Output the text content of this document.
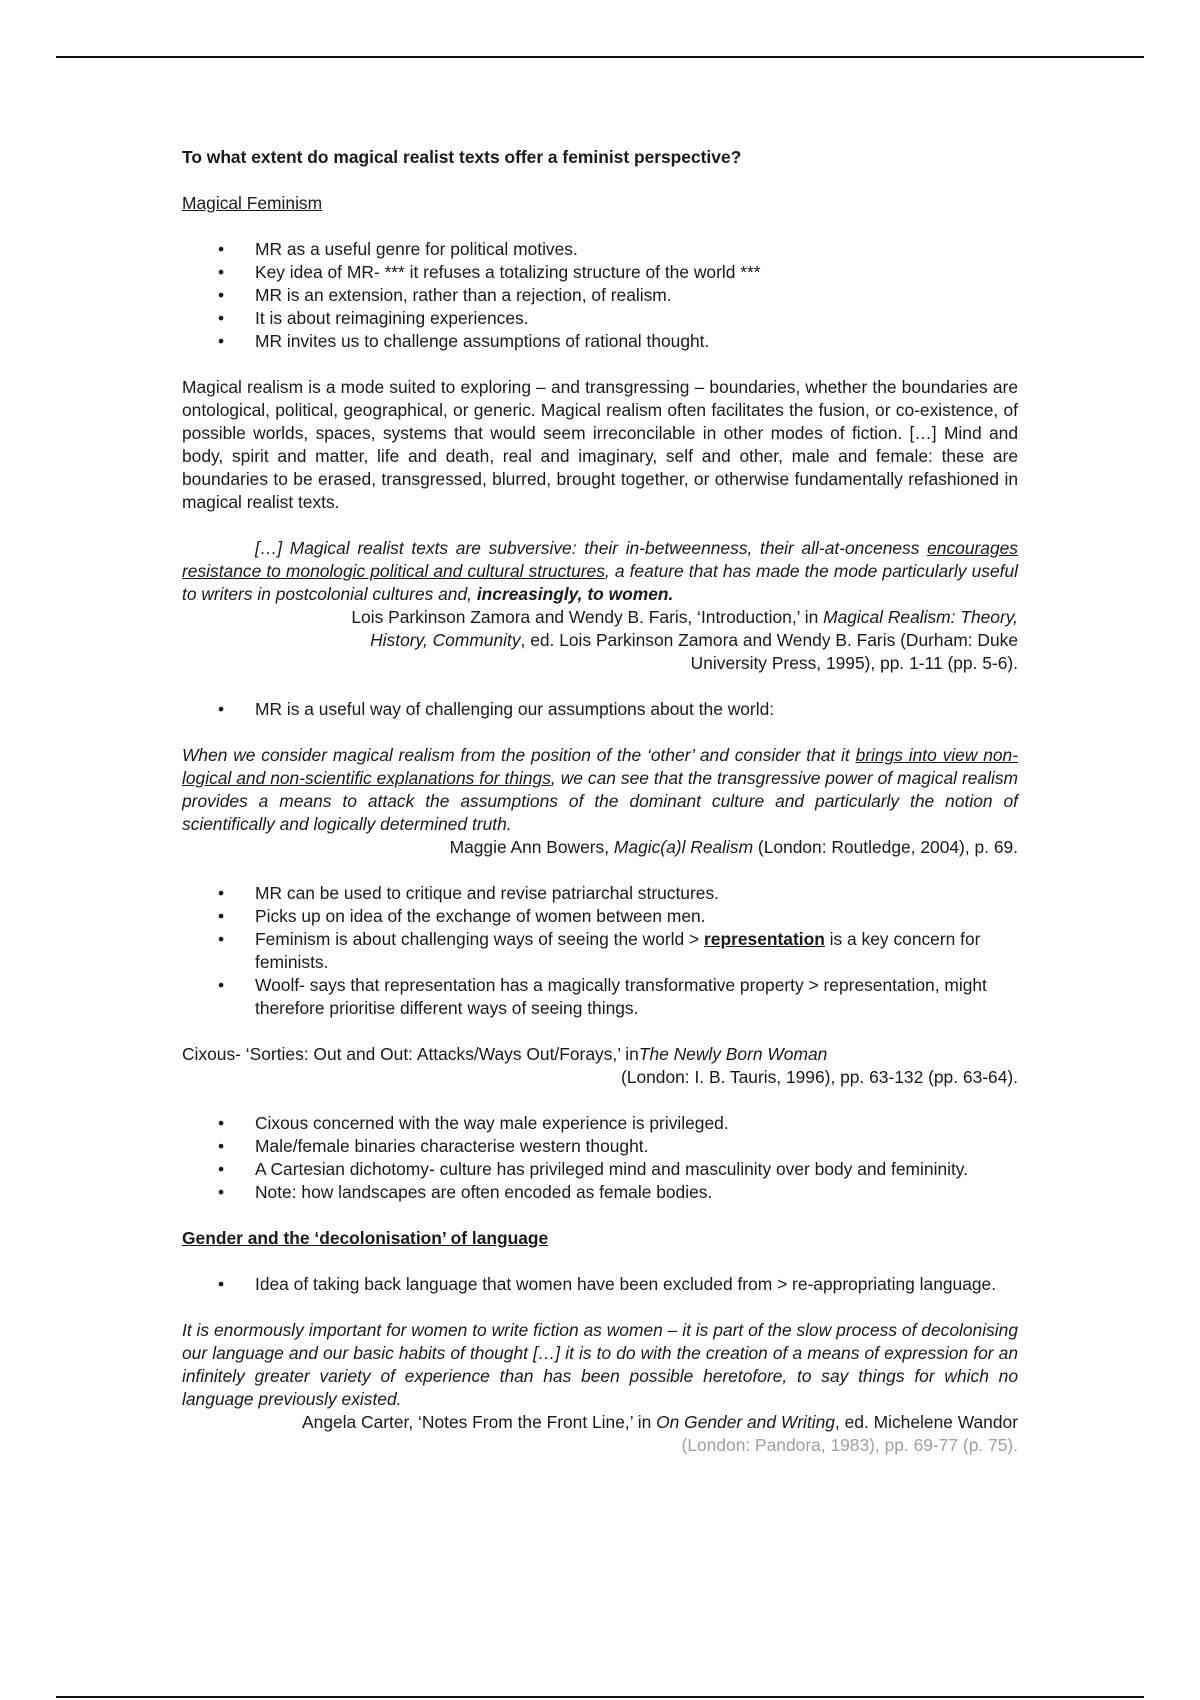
To what extent do magical realist texts offer a feminist perspective?

Magical Feminism

• MR as a useful genre for political motives.
• Key idea of MR- *** it refuses a totalizing structure of the world ***
• MR is an extension, rather than a rejection, of realism.
• It is about reimagining experiences.
• MR invites us to challenge assumptions of rational thought.

Magical realism is a mode suited to exploring – and transgressing – boundaries, whether the boundaries are ontological, political, geographical, or generic. Magical realism often facilitates the fusion, or co-existence, of possible worlds, spaces, systems that would seem irreconcilable in other modes of fiction. […] Mind and body, spirit and matter, life and death, real and imaginary, self and other, male and female: these are boundaries to be erased, transgressed, blurred, brought together, or otherwise fundamentally refashioned in magical realist texts.

[…] Magical realist texts are subversive: their in-betweenness, their all-at-onceness encourages resistance to monologic political and cultural structures, a feature that has made the mode particularly useful to writers in postcolonial cultures and, increasingly, to women.

Lois Parkinson Zamora and Wendy B. Faris, ‘Introduction,’ in Magical Realism: Theory,

History, Community, ed. Lois Parkinson Zamora and Wendy B. Faris (Durham: Duke

University Press, 1995), pp. 1-11 (pp. 5-6).

• MR is a useful way of challenging our assumptions about the world:

When we consider magical realism from the position of the ‘other’ and consider that it brings into view non-logical and non-scientific explanations for things, we can see that the transgressive power of magical realism provides a means to attack the assumptions of the dominant culture and particularly the notion of scientifically and logically determined truth.

Maggie Ann Bowers, Magic(a)l Realism (London: Routledge, 2004), p. 69.

• MR can be used to critique and revise patriarchal structures.
• Picks up on idea of the exchange of women between men.
• Feminism is about challenging ways of seeing the world > representation is a key concern for feminists.
• Woolf- says that representation has a magically transformative property > representation, might therefore prioritise different ways of seeing things.

Cixous- ‘Sorties: Out and Out: Attacks/Ways Out/Forays,’ inThe Newly Born Woman

(London: I. B. Tauris, 1996), pp. 63-132 (pp. 63-64).

• Cixous concerned with the way male experience is privileged.
• Male/female binaries characterise western thought.
• A Cartesian dichotomy- culture has privileged mind and masculinity over body and femininity.
• Note: how landscapes are often encoded as female bodies.

Gender and the ‘decolonisation’ of language

• Idea of taking back language that women have been excluded from > re-appropriating language.

It is enormously important for women to write fiction as women – it is part of the slow process of decolonising our language and our basic habits of thought […] it is to do with the creation of a means of expression for an infinitely greater variety of experience than has been possible heretofore, to say things for which no language previously existed.

Angela Carter, ‘Notes From the Front Line,’ in On Gender and Writing, ed. Michelene Wandor

(London: Pandora, 1983), pp. 69-77 (p. 75).
